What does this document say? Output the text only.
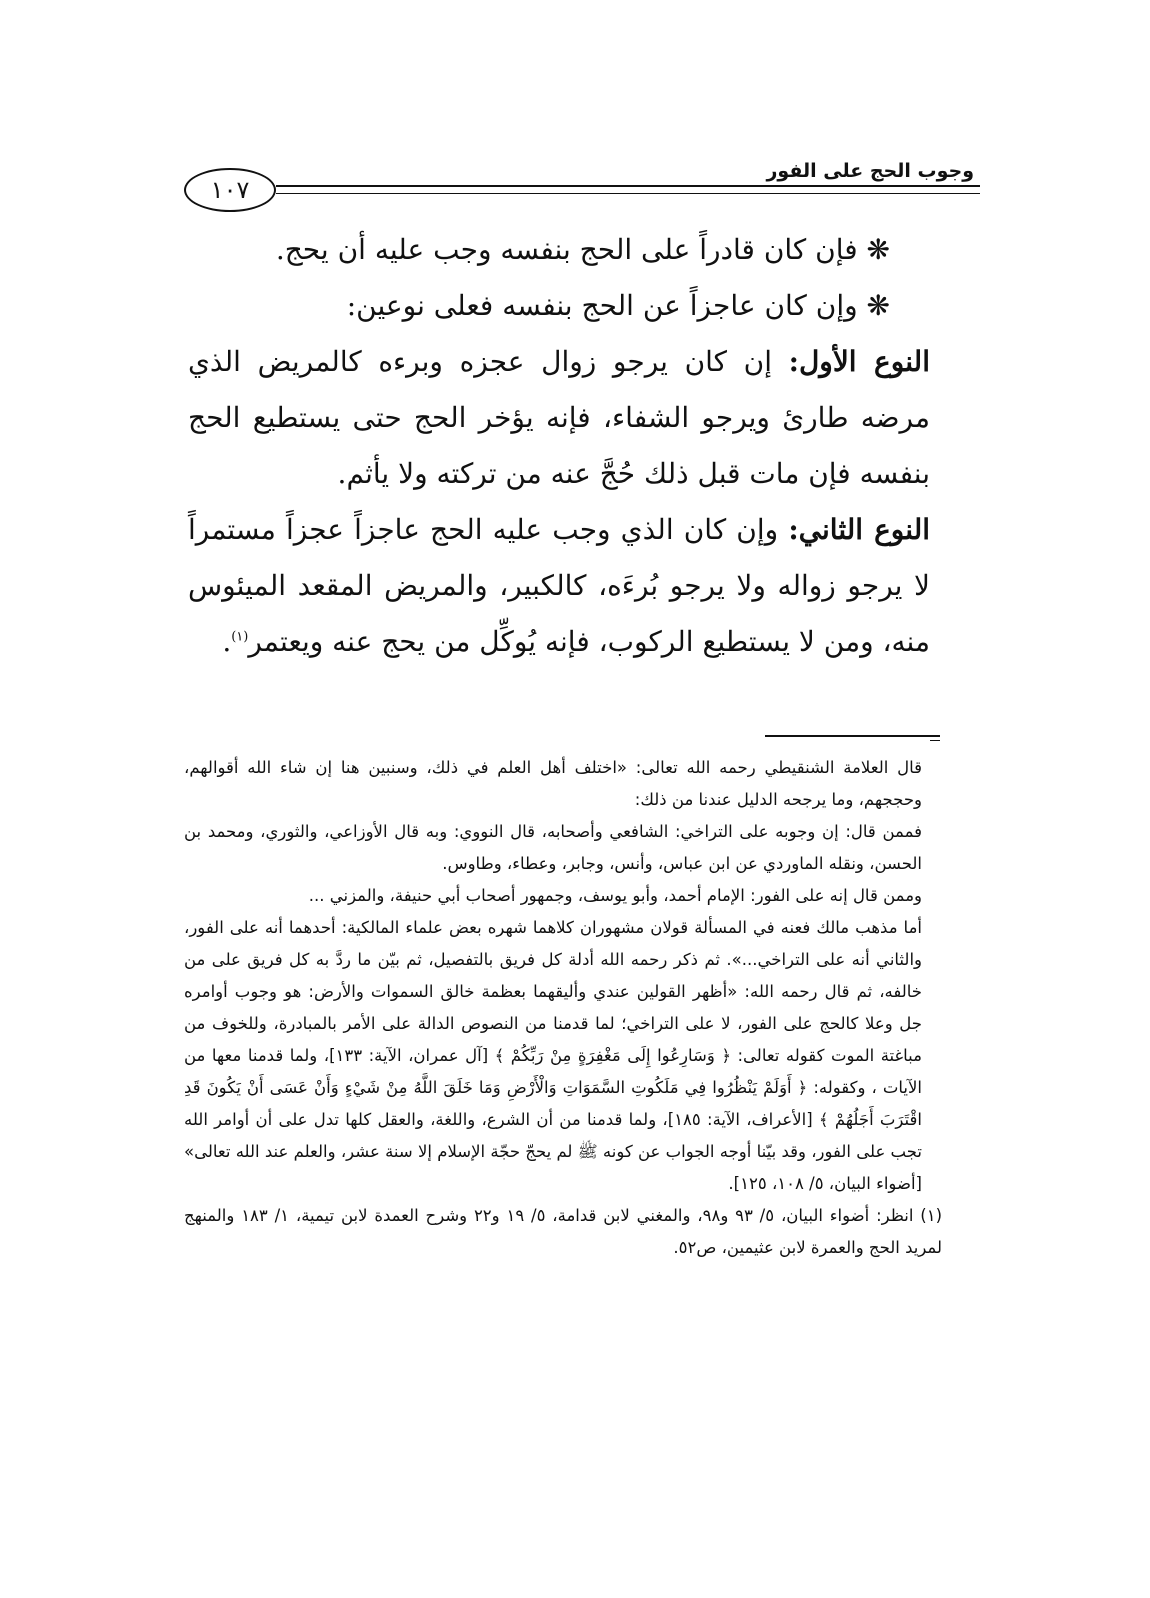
١٠٧
وجوب الحج على الفور

❋ فإن كان قادراً على الحج بنفسه وجب عليه أن يحج.

❋ وإن كان عاجزاً عن الحج بنفسه فعلى نوعين:

النوع الأول: إن كان يرجو زوال عجزه وبرءه كالمريض الذي مرضه طارئ ويرجو الشفاء، فإنه يؤخر الحج حتى يستطيع الحج بنفسه فإن مات قبل ذلك حُجَّ عنه من تركته ولا يأثم.

النوع الثاني: وإن كان الذي وجب عليه الحج عاجزاً عجزاً مستمراً لا يرجو زواله ولا يرجو بُرءَه، كالكبير، والمريض المقعد الميئوس منه، ومن لا يستطيع الركوب، فإنه يُوكِّل من يحج عنه ويعتمر$^{(١)}$.

قال العلامة الشنقيطي رحمه الله تعالى: «اختلف أهل العلم في ذلك، وسنبين هنا إن شاء الله أقوالهم، وحججهم، وما يرجحه الدليل عندنا من ذلك:

فممن قال: إن وجوبه على التراخي: الشافعي وأصحابه، قال النووي: وبه قال الأوزاعي، والثوري، ومحمد بن الحسن، ونقله الماوردي عن ابن عباس، وأنس، وجابر، وعطاء، وطاوس.

وممن قال إنه على الفور: الإمام أحمد، وأبو يوسف، وجمهور أصحاب أبي حنيفة، والمزني ...

أما مذهب مالك فعنه في المسألة قولان مشهوران كلاهما شهره بعض علماء المالكية: أحدهما أنه على الفور، والثاني أنه على التراخي...». ثم ذكر رحمه الله أدلة كل فريق بالتفصيل، ثم بيّن ما ردَّ به كل فريق على من خالفه، ثم قال رحمه الله: «أظهر القولين عندي وأليقهما بعظمة خالق السموات والأرض: هو وجوب أوامره جل وعلا كالحج على الفور، لا على التراخي؛ لما قدمنا من النصوص الدالة على الأمر بالمبادرة، وللخوف من مباغتة الموت كقوله تعالى: ﴿ وَسَارِعُوا إِلَى مَغْفِرَةٍ مِنْ رَبِّكُمْ ﴾ [آل عمران، الآية: ١٣٣]، ولما قدمنا معها من الآيات ، وكقوله: ﴿ أَوَلَمْ يَنْظُرُوا فِي مَلَكُوتِ السَّمَوَاتِ وَالْأَرْضِ وَمَا خَلَقَ اللَّهُ مِنْ شَيْءٍ وَأَنْ عَسَى أَنْ يَكُونَ قَدِ اقْتَرَبَ أَجَلُهُمْ ﴾ [الأعراف، الآية: ١٨٥]، ولما قدمنا من أن الشرع، واللغة، والعقل كلها تدل على أن أوامر الله تجب على الفور، وقد بيّنا أوجه الجواب عن كونه ﷺ لم يحجّ حجّة الإسلام إلا سنة عشر، والعلم عند الله تعالى» [أضواء البيان، ٥/ ١٠٨، ١٢٥].

(١) انظر: أضواء البيان، ٥/ ٩٣ و٩٨، والمغني لابن قدامة، ٥/ ١٩ و٢٢ وشرح العمدة لابن تيمية، ١/ ١٨٣ والمنهج لمريد الحج والعمرة لابن عثيمين، ص٥٢.
